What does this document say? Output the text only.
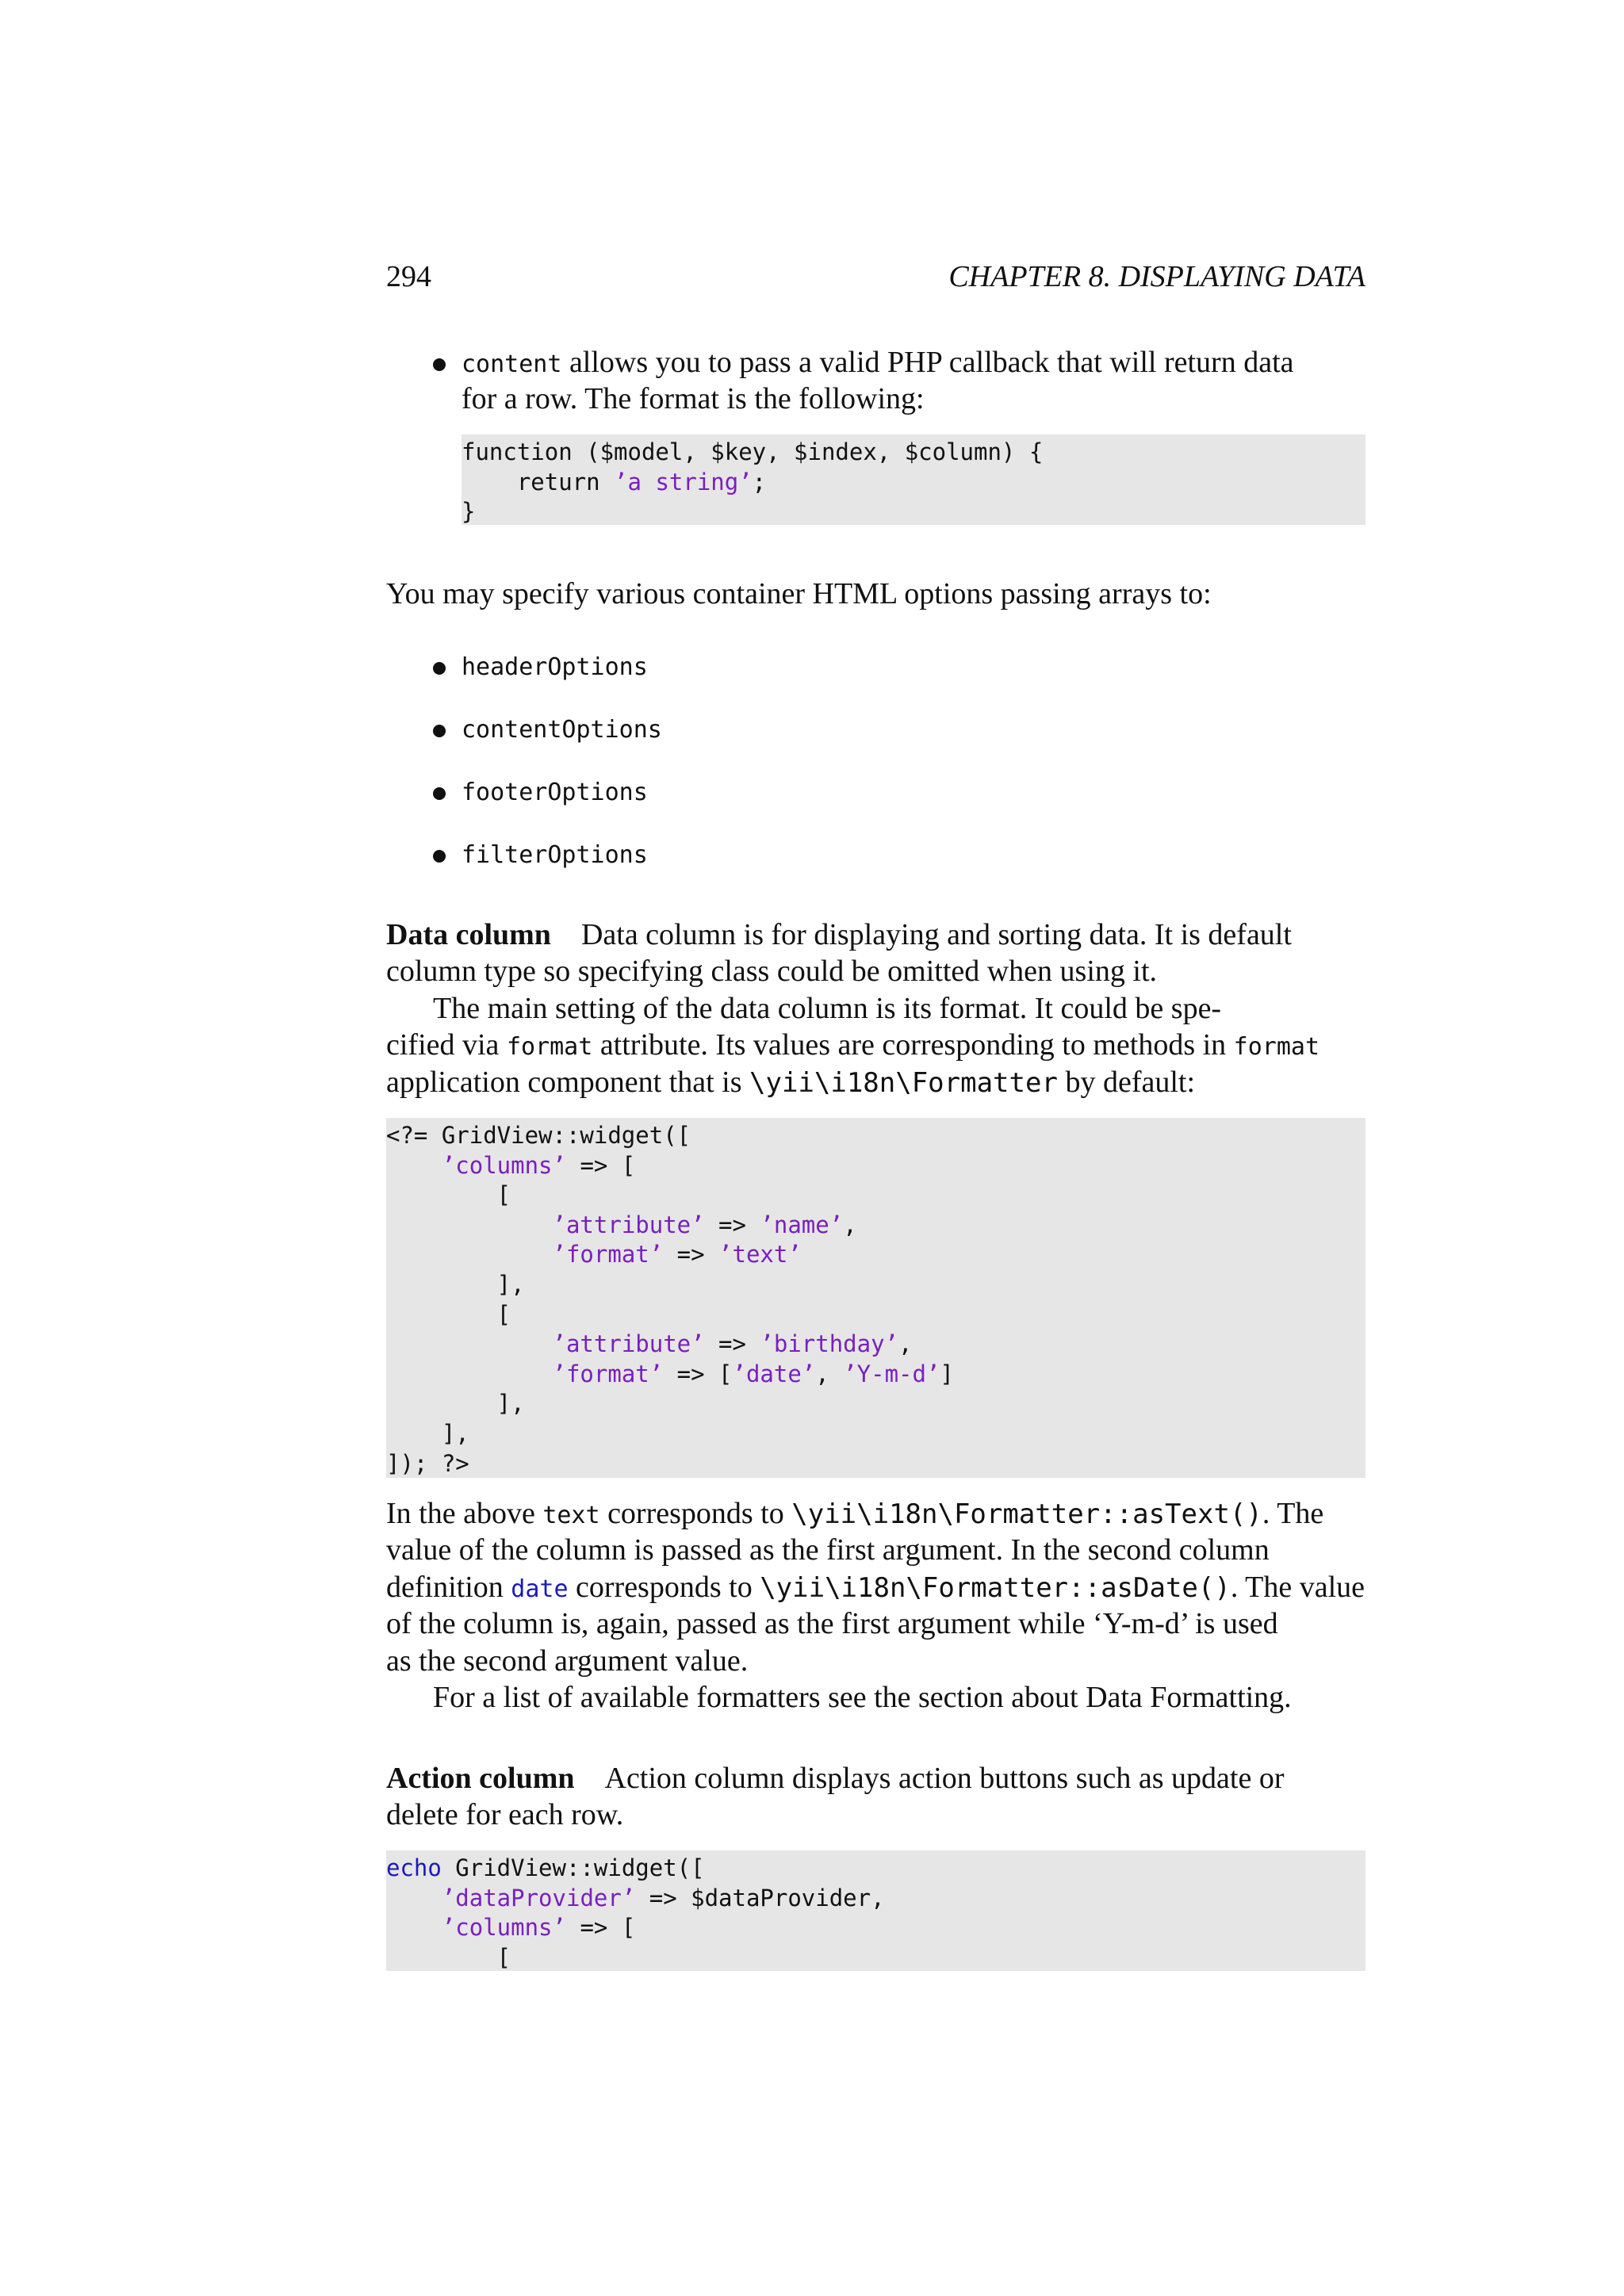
294	CHAPTER 8. DISPLAYING DATA
content allows you to pass a valid PHP callback that will return data
for a row. The format is the following:
function ($model, $key, $index, $column) {
return ’a string’;
}
You may specify various container HTML options passing arrays to:
headerOptions
contentOptions
footerOptions
filterOptions
Data column Data column is for displaying and sorting data. It is default
column type so specifying class could be omitted when using it.
The main setting of the data column is its format. It could be spe-
cified via format attribute. Its values are corresponding to methods in format
application component that is \yii\i18n\Formatter by default:
<?= GridView::widget([
’columns’ => [
[
’attribute’ => ’name’,
’format’ => ’text’
],
[
’attribute’ => ’birthday’,
’format’ => [’date’, ’Y-m-d’]
],
],
]); ?>
In the above text corresponds to \yii\i18n\Formatter::asText(). The
value of the column is passed as the first argument. In the second column
definition date corresponds to \yii\i18n\Formatter::asDate(). The value
of the column is, again, passed as the first argument while ‘Y-m-d’ is used
as the second argument value.
For a list of available formatters see the section about Data Formatting.
Action column Action column displays action buttons such as update or
delete for each row.
echo GridView::widget([
’dataProvider’ => $dataProvider,
’columns’ => [
[
